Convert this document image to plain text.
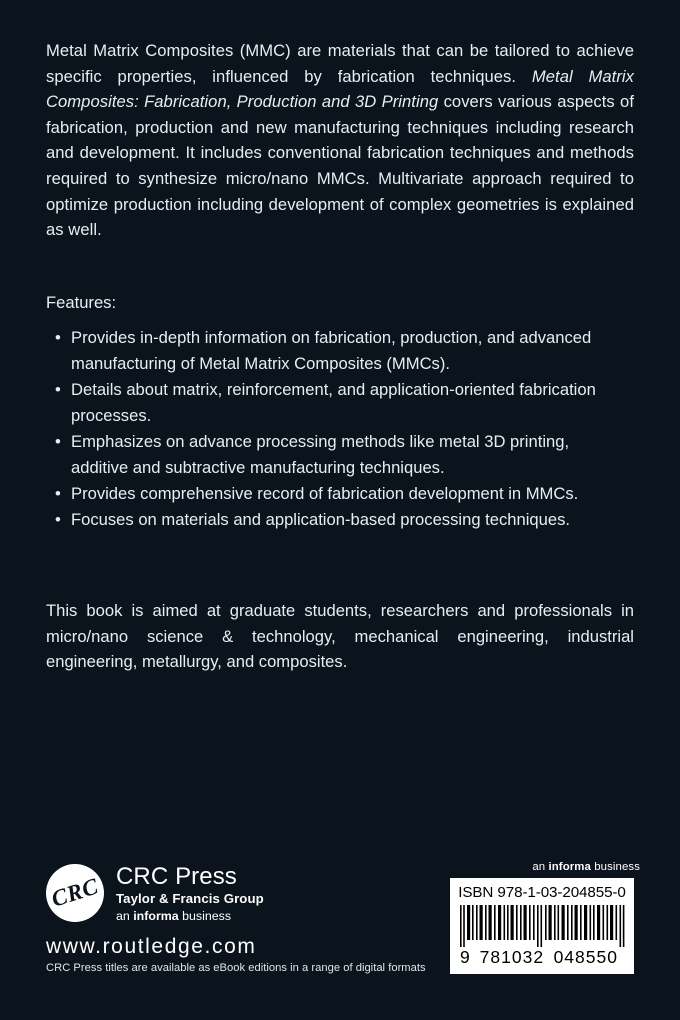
Metal Matrix Composites (MMC) are materials that can be tailored to achieve specific properties, influenced by fabrication techniques. Metal Matrix Composites: Fabrication, Production and 3D Printing covers various aspects of fabrication, production and new manufacturing techniques including research and development. It includes conventional fabrication techniques and methods required to synthesize micro/nano MMCs. Multivariate approach required to optimize production including development of complex geometries is explained as well.

Features:
• Provides in-depth information on fabrication, production, and advanced manufacturing of Metal Matrix Composites (MMCs).
• Details about matrix, reinforcement, and application-oriented fabrication processes.
• Emphasizes on advance processing methods like metal 3D printing, additive and subtractive manufacturing techniques.
• Provides comprehensive record of fabrication development in MMCs.
• Focuses on materials and application-based processing techniques.
This book is aimed at graduate students, researchers and professionals in micro/nano science & technology, mechanical engineering, industrial engineering, metallurgy, and composites.
CRC CRC Press
Taylor & Francis Group
an informa business
www.routledge.com
CRC Press titles are available as eBook editions in a range of digital formats
an informa business
ISBN 978-1-03-204855-0
9 781032 048550
